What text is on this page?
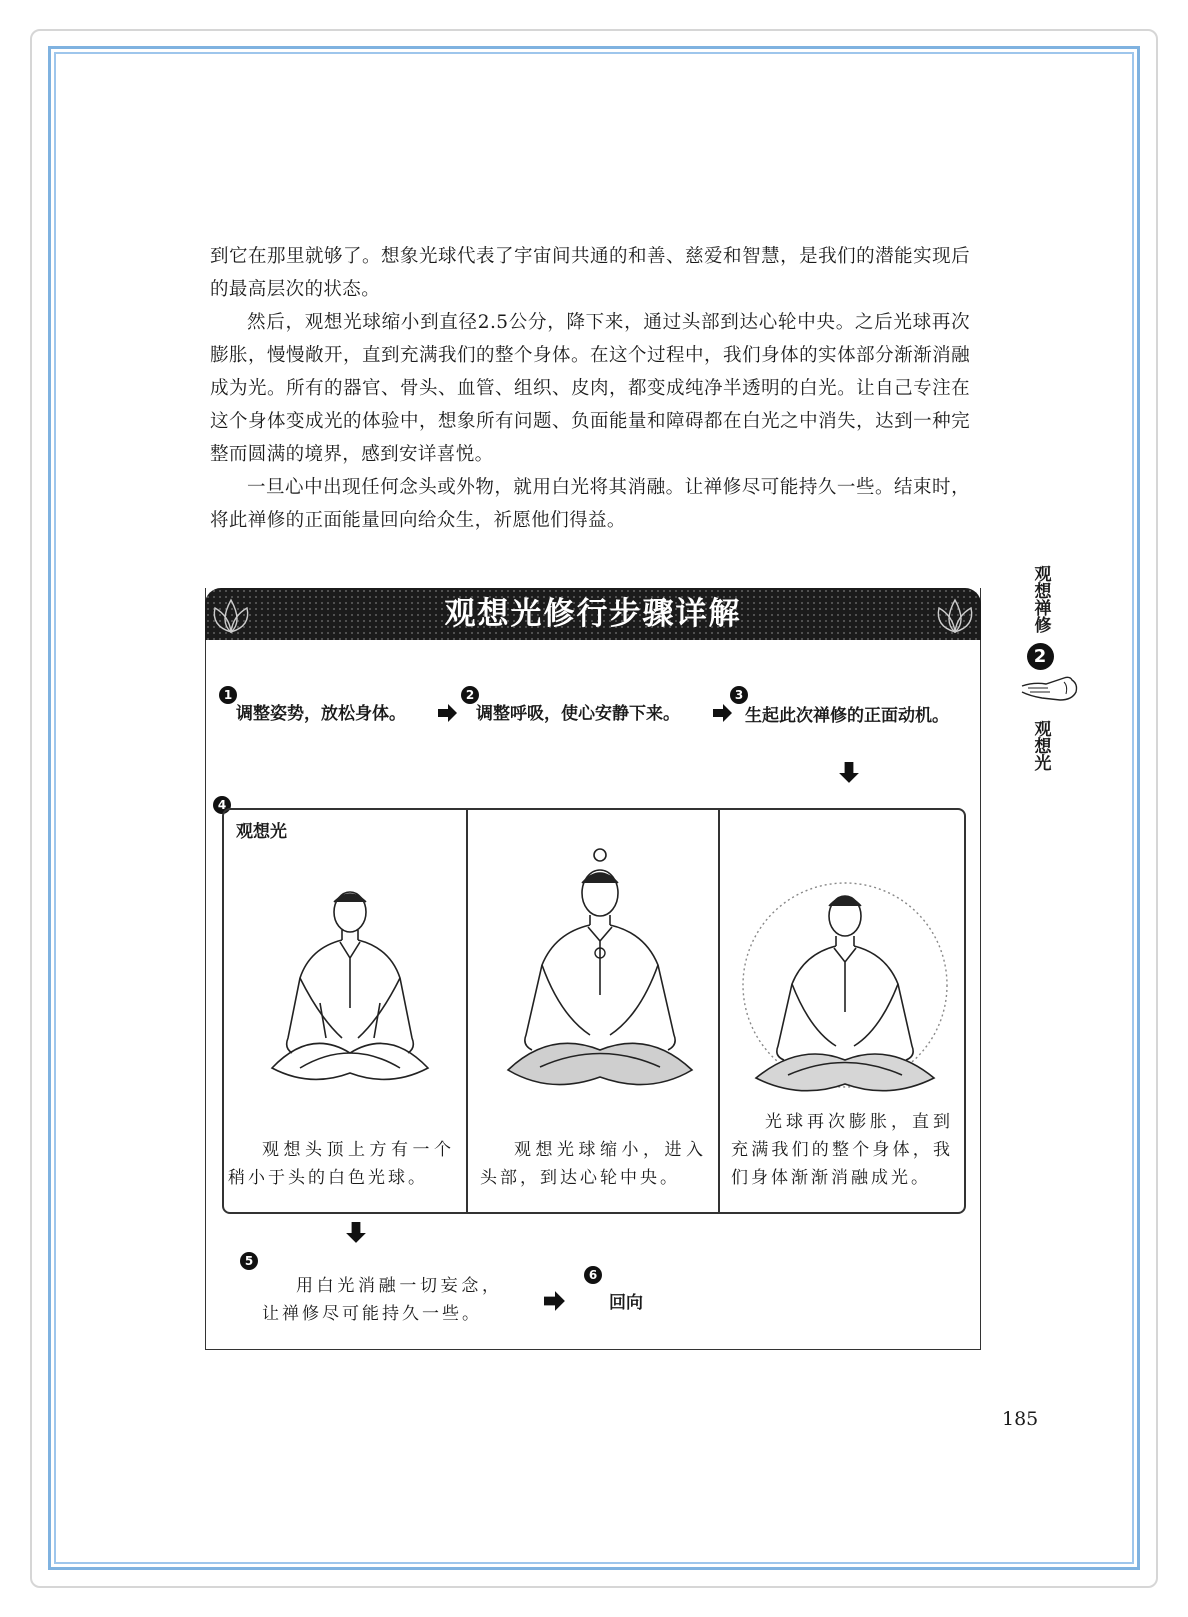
到它在那里就够了。想象光球代表了宇宙间共通的和善、慈爱和智慧，是我们的潜能实现后的最高层次的状态。

然后，观想光球缩小到直径2.5公分，降下来，通过头部到达心轮中央。之后光球再次膨胀，慢慢敞开，直到充满我们的整个身体。在这个过程中，我们身体的实体部分渐渐消融成为光。所有的器官、骨头、血管、组织、皮肉，都变成纯净半透明的白光。让自己专注在这个身体变成光的体验中，想象所有问题、负面能量和障碍都在白光之中消失，达到一种完整而圆满的境界，感到安详喜悦。

一旦心中出现任何念头或外物，就用白光将其消融。让禅修尽可能持久一些。结束时，将此禅修的正面能量回向给众生，祈愿他们得益。

观想禅修
2
观想光
观想光修行步骤详解
1
调整姿势，放松身体。
2
调整呼吸，使心安静下来。
3
生起此次禅修的正面动机。
4
观想光
观想头顶上方有一个稍小于头的白色光球。
观想光球缩小，进入头部，到达心轮中央。
光球再次膨胀，直到充满我们的整个身体，我们身体渐渐消融成光。
5
用白光消融一切妄念，让禅修尽可能持久一些。
6
回向
185
